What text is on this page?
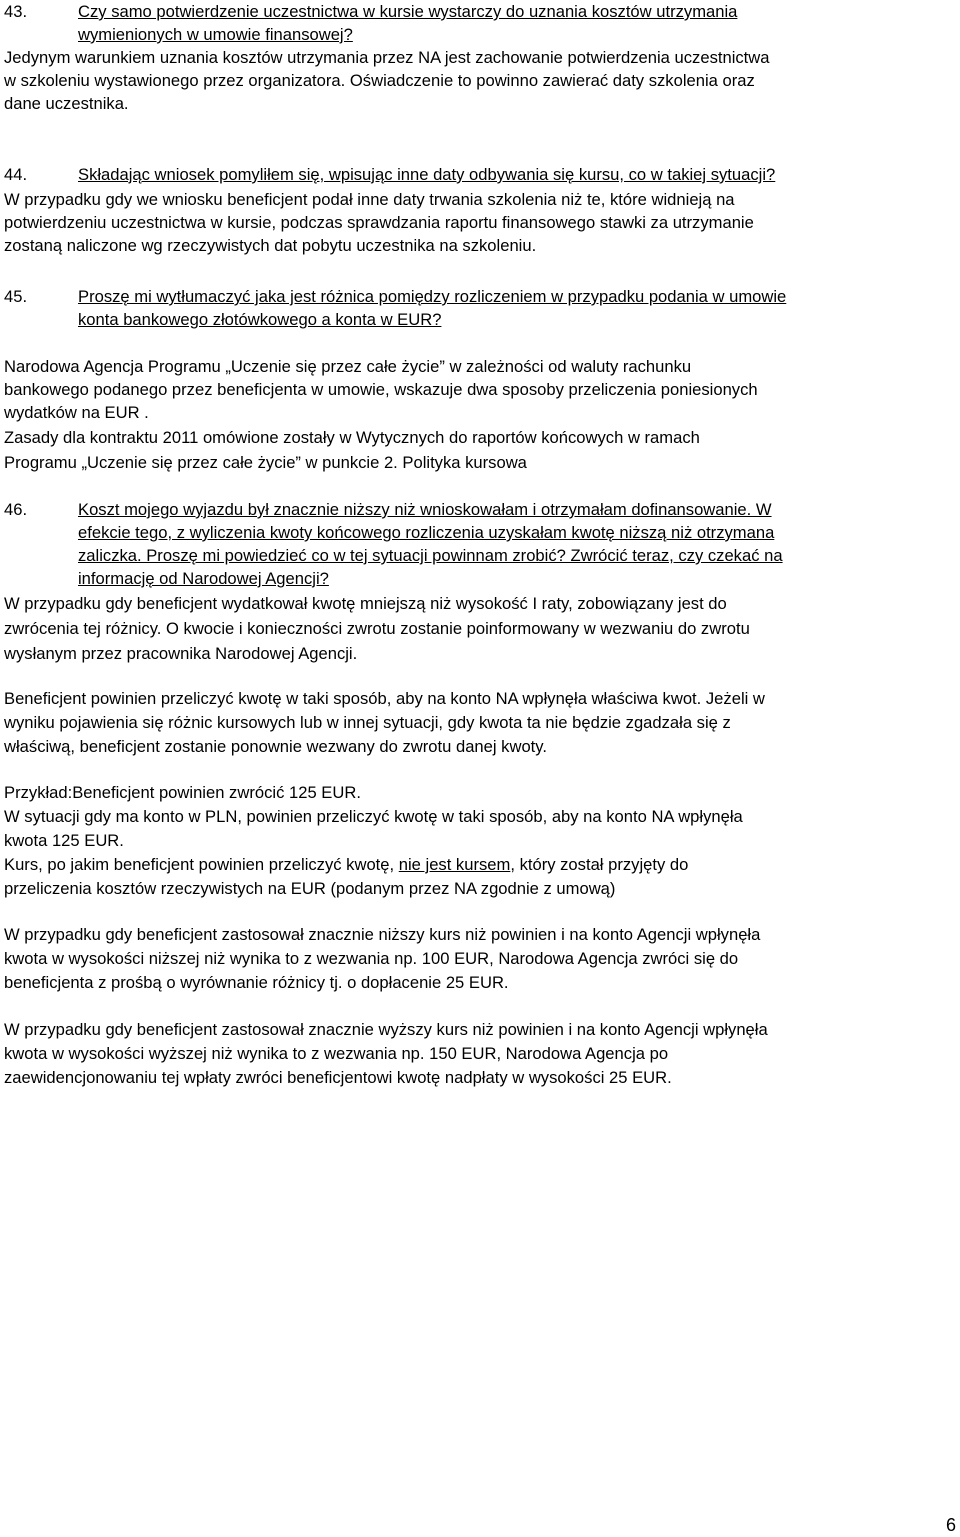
43.	Czy samo potwierdzenie uczestnictwa w kursie wystarczy do uznania kosztów utrzymania
wymienionych w umowie finansowej?
Jedynym warunkiem uznania kosztów utrzymania przez NA jest zachowanie potwierdzenia uczestnictwa
w szkoleniu wystawionego przez organizatora. Oświadczenie to powinno zawierać daty szkolenia oraz
dane uczestnika.
44.	Składając wniosek pomyliłem się, wpisując inne daty odbywania się kursu, co w takiej sytuacji?
W przypadku gdy we wniosku beneficjent podał inne daty trwania szkolenia niż te, które widnieją na
potwierdzeniu uczestnictwa w kursie, podczas sprawdzania raportu finansowego stawki za utrzymanie
zostaną naliczone wg rzeczywistych dat pobytu uczestnika na szkoleniu.
45.	Proszę mi wytłumaczyć jaka jest różnica pomiędzy rozliczeniem w przypadku podania w umowie
konta bankowego złotówkowego a konta w EUR?
Narodowa Agencja Programu „Uczenie się przez całe życie” w zależności od waluty rachunku
bankowego podanego przez beneficjenta w umowie, wskazuje dwa sposoby przeliczenia poniesionych
wydatków na EUR .
Zasady dla kontraktu 2011 omówione zostały w Wytycznych do raportów końcowych w ramach
Programu „Uczenie się przez całe życie” w punkcie 2. Polityka kursowa
46.	Koszt mojego wyjazdu był znacznie niższy niż wnioskowałam i otrzymałam dofinansowanie. W
efekcie tego, z wyliczenia kwoty końcowego rozliczenia uzyskałam kwotę niższą niż otrzymana
zaliczka. Proszę mi powiedzieć co w tej sytuacji powinnam zrobić? Zwrócić teraz, czy czekać na
informację od Narodowej Agencji?
W przypadku gdy beneficjent wydatkował kwotę mniejszą niż wysokość I raty, zobowiązany jest do
zwrócenia tej różnicy. O kwocie i konieczności zwrotu zostanie poinformowany w wezwaniu do zwrotu
wysłanym przez pracownika Narodowej Agencji.
Beneficjent powinien przeliczyć kwotę w taki sposób, aby na konto NA wpłynęła właściwa kwot. Jeżeli w
wyniku pojawienia się różnic kursowych lub w innej sytuacji, gdy kwota ta nie będzie zgadzała się z
właściwą, beneficjent zostanie ponownie wezwany do zwrotu danej kwoty.
Przykład:Beneficjent powinien zwrócić 125 EUR.
W sytuacji gdy ma konto w PLN, powinien przeliczyć kwotę w taki sposób, aby na konto NA wpłynęła
kwota 125 EUR.
Kurs, po jakim beneficjent powinien przeliczyć kwotę, nie jest kursem, który został przyjęty do
przeliczenia kosztów rzeczywistych na EUR (podanym przez NA zgodnie z umową)
W przypadku gdy beneficjent zastosował znacznie niższy kurs niż powinien i na konto Agencji wpłynęła
kwota w wysokości niższej niż wynika to z wezwania np. 100 EUR, Narodowa Agencja zwróci się do
beneficjenta z prośbą o wyrównanie różnicy tj. o dopłacenie 25 EUR.
W przypadku gdy beneficjent zastosował znacznie wyższy kurs niż powinien i na konto Agencji wpłynęła
kwota w wysokości wyższej niż wynika to z wezwania np. 150 EUR, Narodowa Agencja po
zaewidencjonowaniu tej wpłaty zwróci beneficjentowi kwotę nadpłaty w wysokości 25 EUR.
6
